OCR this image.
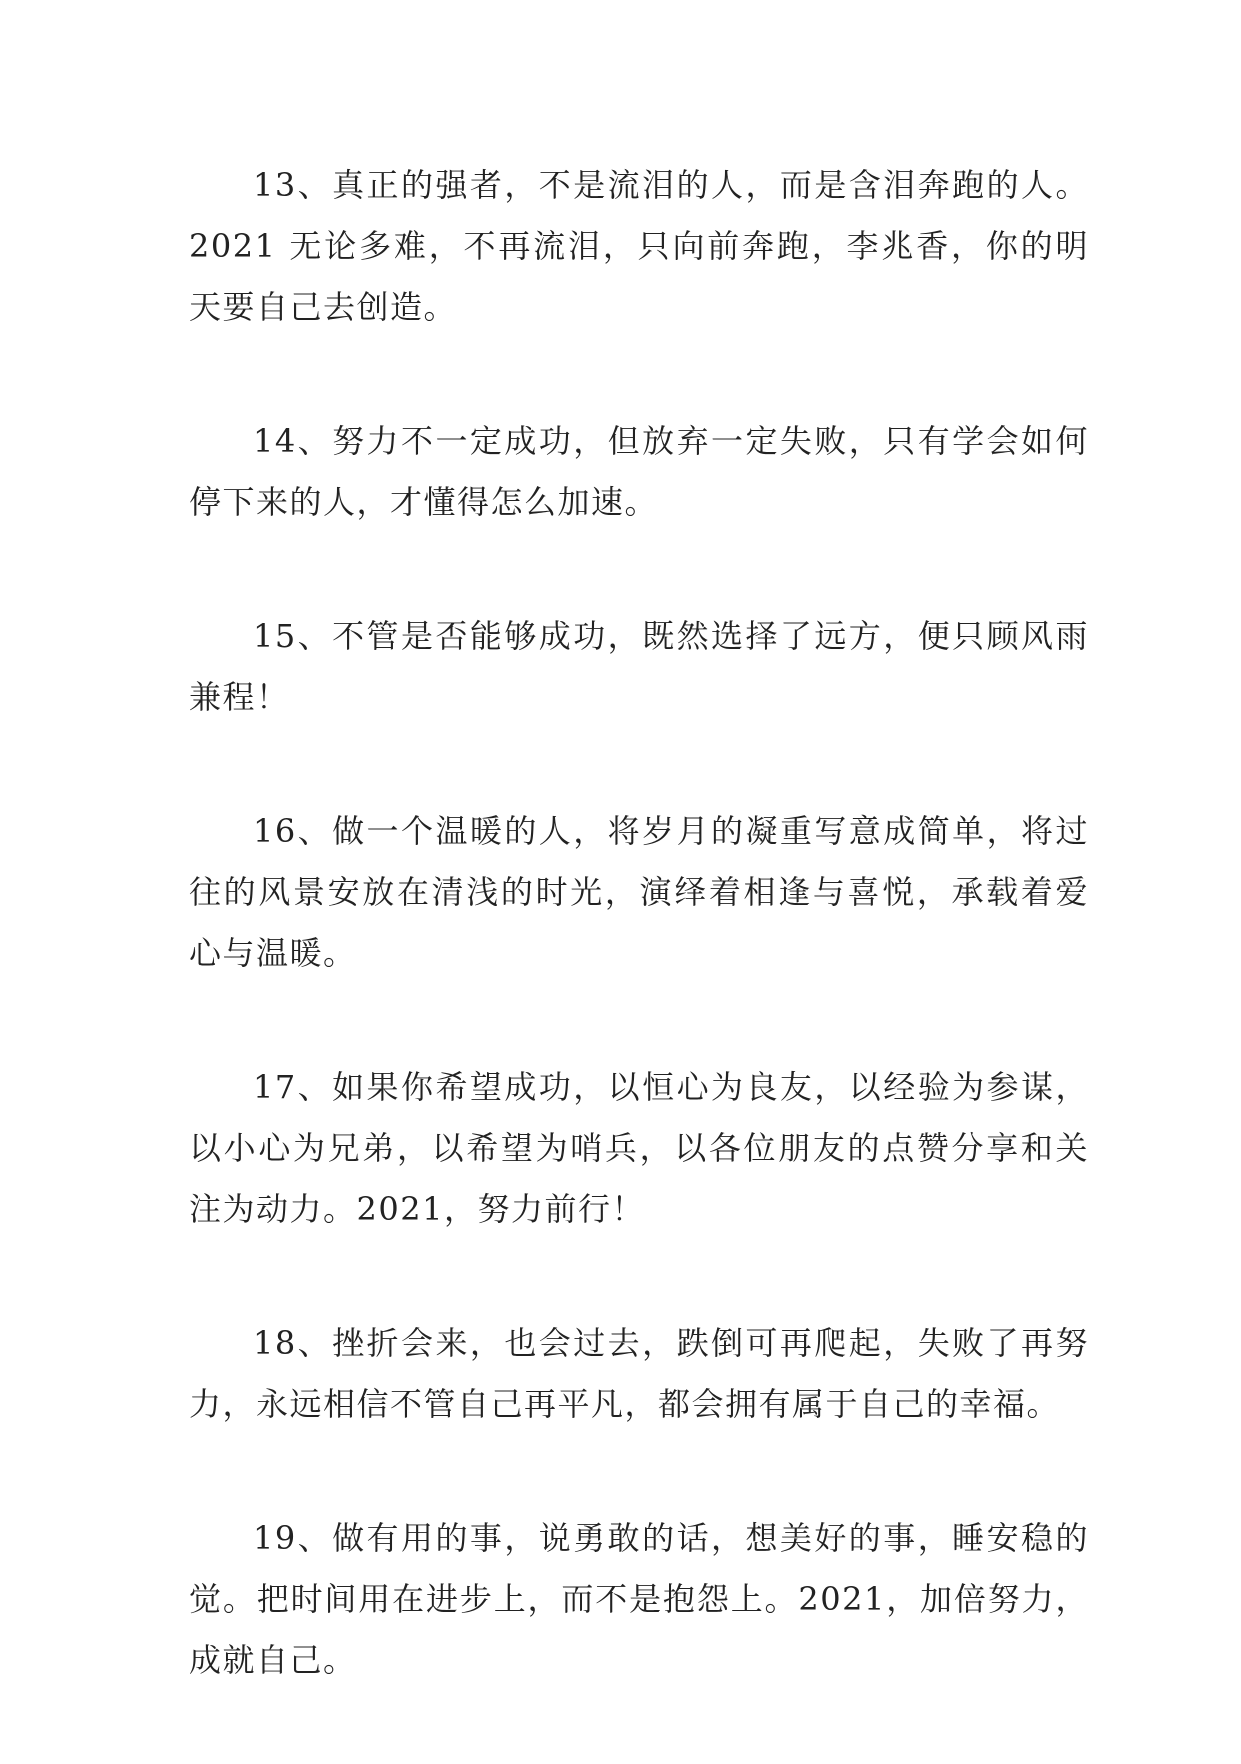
13、真正的强者，不是流泪的人，而是含泪奔跑的人。2021 无论多难，不再流泪，只向前奔跑，李兆香，你的明天要自己去创造。

14、努力不一定成功，但放弃一定失败，只有学会如何停下来的人，才懂得怎么加速。

15、不管是否能够成功，既然选择了远方，便只顾风雨兼程！

16、做一个温暖的人，将岁月的凝重写意成简单，将过往的风景安放在清浅的时光，演绎着相逢与喜悦，承载着爱心与温暖。

17、如果你希望成功，以恒心为良友，以经验为参谋，以小心为兄弟，以希望为哨兵，以各位朋友的点赞分享和关注为动力。2021，努力前行！

18、挫折会来，也会过去，跌倒可再爬起，失败了再努力，永远相信不管自己再平凡，都会拥有属于自己的幸福。

19、做有用的事，说勇敢的话，想美好的事，睡安稳的觉。把时间用在进步上，而不是抱怨上。2021，加倍努力，成就自己。
